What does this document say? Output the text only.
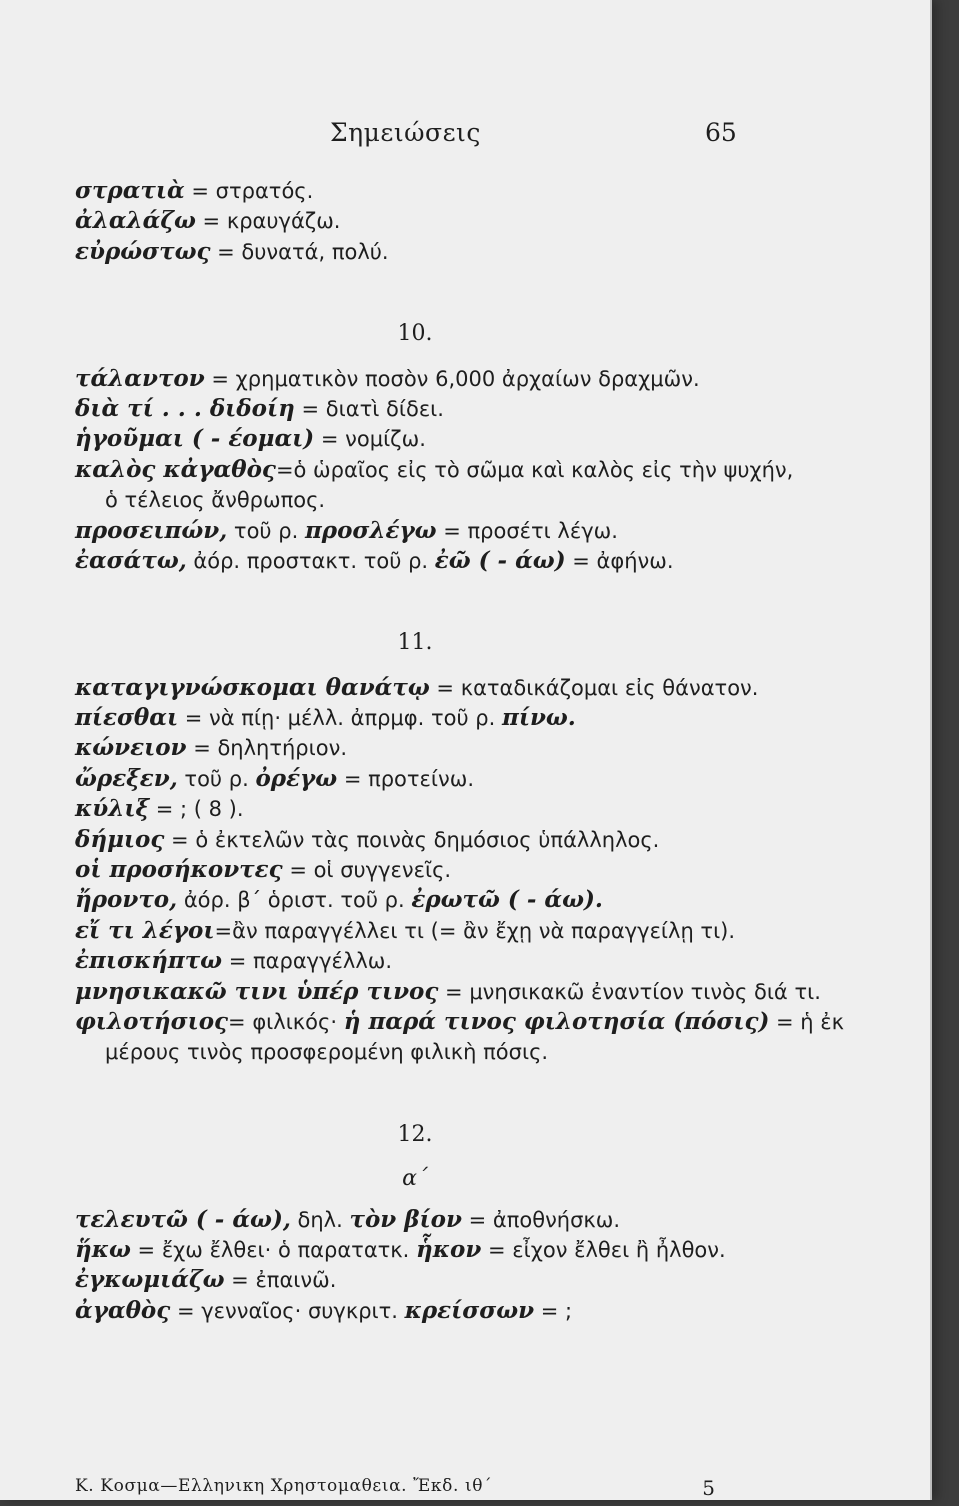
Σημειώσεις	65
στρατιὰ = στρατός.
ἀλαλάζω = κραυγάζω.
εὐρώστως = δυνατά, πολύ.
10.
τάλαντον = χρηματικὸν ποσὸν 6,000 ἀρχαίων δραχμῶν.
διὰ τί . . . διδοίη = διατὶ δίδει.
ἡγοῦμαι ( - έομαι) = νομίζω.
καλὸς κἀγαθὸς=ὁ ὡραῖος εἰς τὸ σῶμα καὶ καλὸς εἰς τὴν ψυχήν,
ὁ τέλειος ἄνθρωπος.
προσειπών, τοῦ ρ. προσλέγω = προσέτι λέγω.
ἐασάτω, ἀόρ. προστακτ. τοῦ ρ. ἐῶ ( - άω) = ἀφήνω.
11.
καταγιγνώσκομαι θανάτῳ = καταδικάζομαι εἰς θάνατον.
πίεσθαι = νὰ πίῃ· μέλλ. ἀπρμφ. τοῦ ρ. πίνω.
κώνειον = δηλητήριον.
ὤρεξεν, τοῦ ρ. ὀρέγω = προτείνω.
κύλιξ = ; ( 8 ).
δήμιος = ὁ ἐκτελῶν τὰς ποινὰς δημόσιος ὑπάλληλος.
οἱ προσήκοντες = οἱ συγγενεῖς.
ἤροντο, ἀόρ. β΄ ὁριστ. τοῦ ρ. ἐρωτῶ ( - άω).
εἴ τι λέγοι=ἂν παραγγέλλει τι (= ἂν ἔχῃ νὰ παραγγείλῃ τι).
ἐπισκήπτω = παραγγέλλω.
μνησικακῶ τινι ὑπέρ τινος = μνησικακῶ ἐναντίον τινὸς διά τι.
φιλοτήσιος= φιλικός· ἡ παρά τινος φιλοτησία (πόσις) = ἡ ἐκ
μέρους τινὸς προσφερομένη φιλικὴ πόσις.
12.
α΄
τελευτῶ ( - άω), δηλ. τὸν βίον = ἀποθνήσκω.
ἥκω = ἔχω ἔλθει· ὁ παρατατκ. ἧκον = εἶχον ἔλθει ἢ ἦλθον.
ἐγκωμιάζω = ἐπαινῶ.
ἀγαθὸς = γενναῖος· συγκριτ. κρείσσων = ;
Κ. Κοσμα—Ελληνικη Χρηστομαθεια. Ἔκδ. ιθ΄	5
